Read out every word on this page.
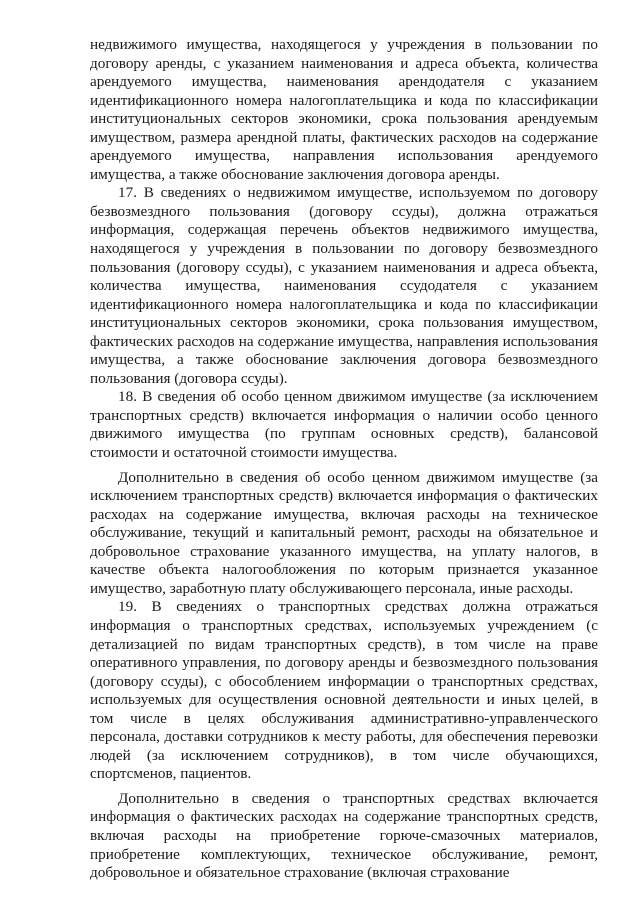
недвижимого имущества, находящегося у учреждения в пользовании по договору аренды, с указанием наименования и адреса объекта, количества арендуемого имущества, наименования арендодателя с указанием идентификационного номера налогоплательщика и кода по классификации институциональных секторов экономики, срока пользования арендуемым имуществом, размера арендной платы, фактических расходов на содержание арендуемого имущества, направления использования арендуемого имущества, а также обоснование заключения договора аренды.

17. В сведениях о недвижимом имуществе, используемом по договору безвозмездного пользования (договору ссуды), должна отражаться информация, содержащая перечень объектов недвижимого имущества, находящегося у учреждения в пользовании по договору безвозмездного пользования (договору ссуды), с указанием наименования и адреса объекта, количества имущества, наименования ссудодателя с указанием идентификационного номера налогоплательщика и кода по классификации институциональных секторов экономики, срока пользования имуществом, фактических расходов на содержание имущества, направления использования имущества, а также обоснование заключения договора безвозмездного пользования (договора ссуды).

18. В сведения об особо ценном движимом имуществе (за исключением транспортных средств) включается информация о наличии особо ценного движимого имущества (по группам основных средств), балансовой стоимости и остаточной стоимости имущества.

Дополнительно в сведения об особо ценном движимом имуществе (за исключением транспортных средств) включается информация о фактических расходах на содержание имущества, включая расходы на техническое обслуживание, текущий и капитальный ремонт, расходы на обязательное и добровольное страхование указанного имущества, на уплату налогов, в качестве объекта налогообложения по которым признается указанное имущество, заработную плату обслуживающего персонала, иные расходы.

19. В сведениях о транспортных средствах должна отражаться информация о транспортных средствах, используемых учреждением (с детализацией по видам транспортных средств), в том числе на праве оперативного управления, по договору аренды и безвозмездного пользования (договору ссуды), с обособлением информации о транспортных средствах, используемых для осуществления основной деятельности и иных целей, в том числе в целях обслуживания административно-управленческого персонала, доставки сотрудников к месту работы, для обеспечения перевозки людей (за исключением сотрудников), в том числе обучающихся, спортсменов, пациентов.

Дополнительно в сведения о транспортных средствах включается информация о фактических расходах на содержание транспортных средств, включая расходы на приобретение горюче-смазочных материалов, приобретение комплектующих, техническое обслуживание, ремонт, добровольное и обязательное страхование (включая страхование
